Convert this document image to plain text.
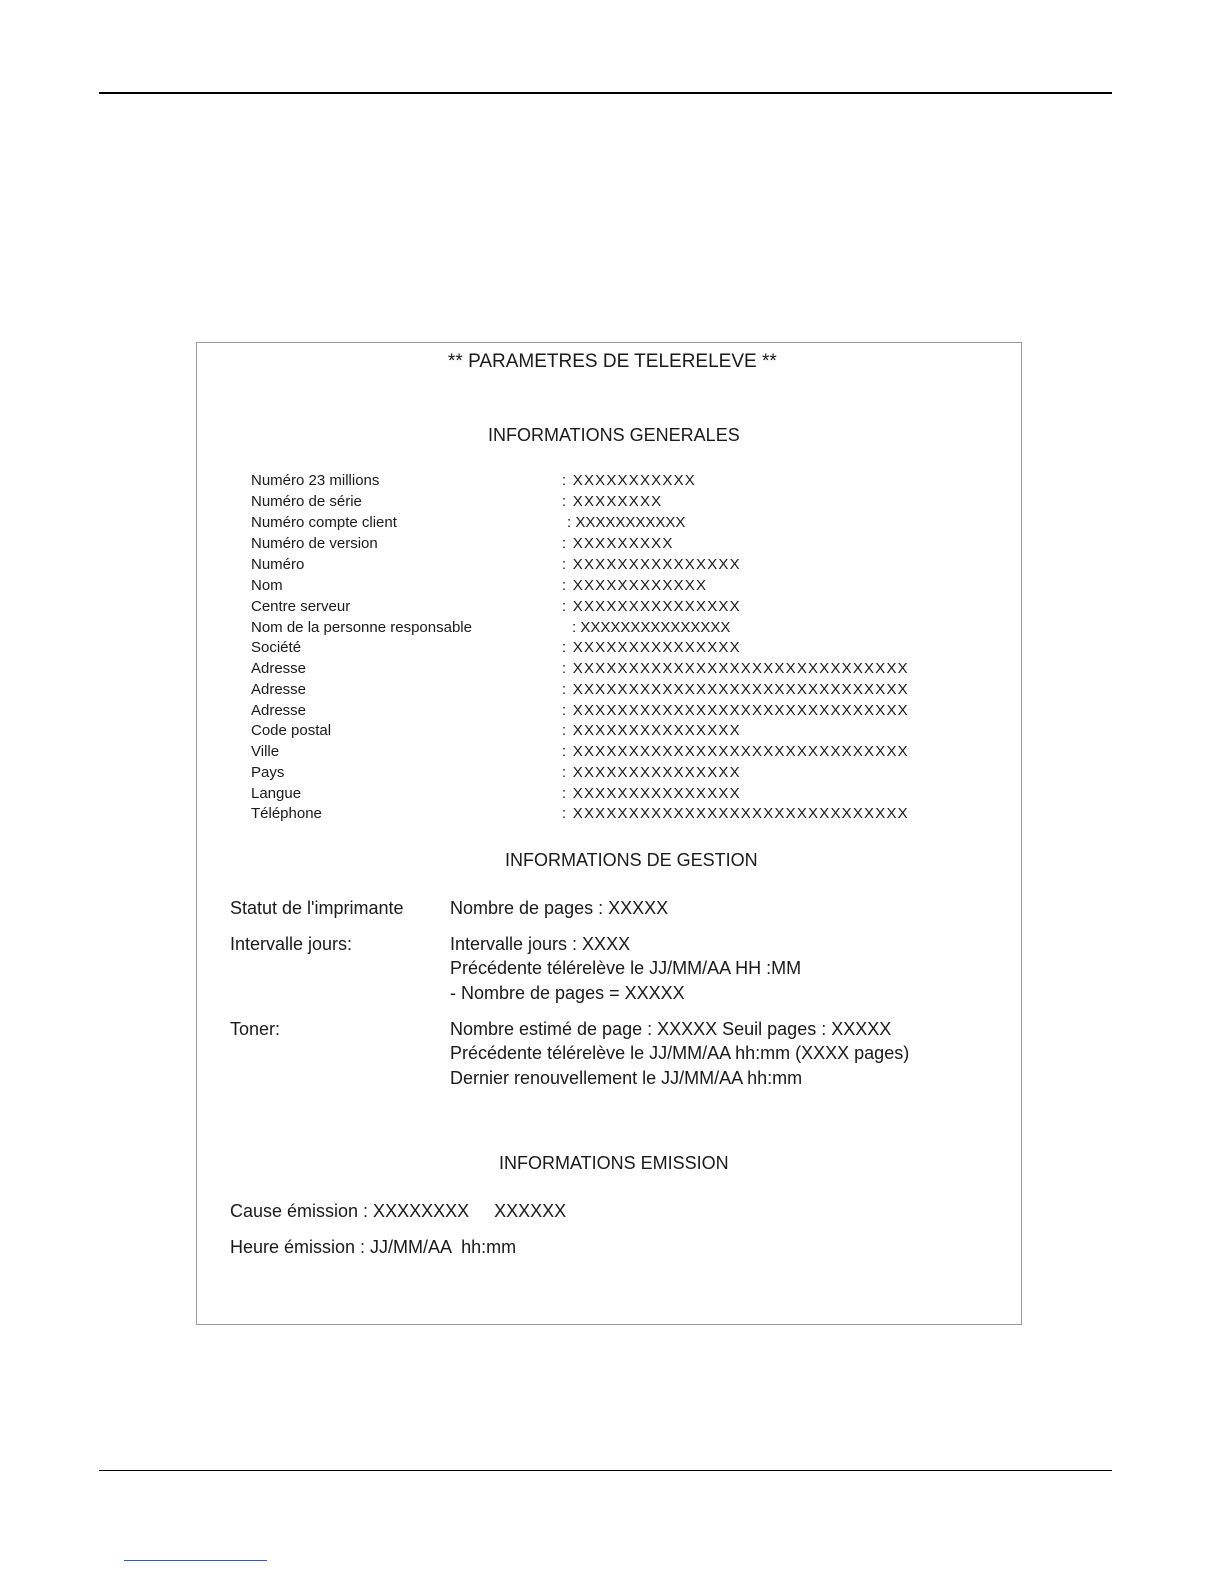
** PARAMETRES DE TELERELEVE **
INFORMATIONS GENERALES
Numéro 23 millions	: XXXXXXXXXXX
Numéro de série	: XXXXXXXX
Numéro compte client	: XXXXXXXXXXX
Numéro de version	: XXXXXXXXX
Numéro	: XXXXXXXXXXXXXXX
Nom	: XXXXXXXXXXXX
Centre serveur	: XXXXXXXXXXXXXXX
Nom de la personne responsable	: XXXXXXXXXXXXXXX
Société	: XXXXXXXXXXXXXXX
Adresse	: XXXXXXXXXXXXXXXXXXXXXXXXXXXXXX
Adresse	: XXXXXXXXXXXXXXXXXXXXXXXXXXXXXX
Adresse	: XXXXXXXXXXXXXXXXXXXXXXXXXXXXXX
Code postal	: XXXXXXXXXXXXXXX
Ville	: XXXXXXXXXXXXXXXXXXXXXXXXXXXXXX
Pays	: XXXXXXXXXXXXXXX
Langue	: XXXXXXXXXXXXXXX
Téléphone	: XXXXXXXXXXXXXXXXXXXXXXXXXXXXXX
INFORMATIONS DE GESTION
Statut de l'imprimante	Nombre de pages : XXXXX
Intervalle jours:	Intervalle jours : XXXX
Précédente télérelève le JJ/MM/AA HH :MM
- Nombre de pages = XXXXX
Toner:	Nombre estimé de page : XXXXX Seuil pages : XXXXX
Précédente télérelève le JJ/MM/AA hh:mm (XXXX pages)
Dernier renouvellement le JJ/MM/AA hh:mm
INFORMATIONS EMISSION
Cause émission : XXXXXXXX     XXXXXX
Heure émission : JJ/MM/AA  hh:mm
